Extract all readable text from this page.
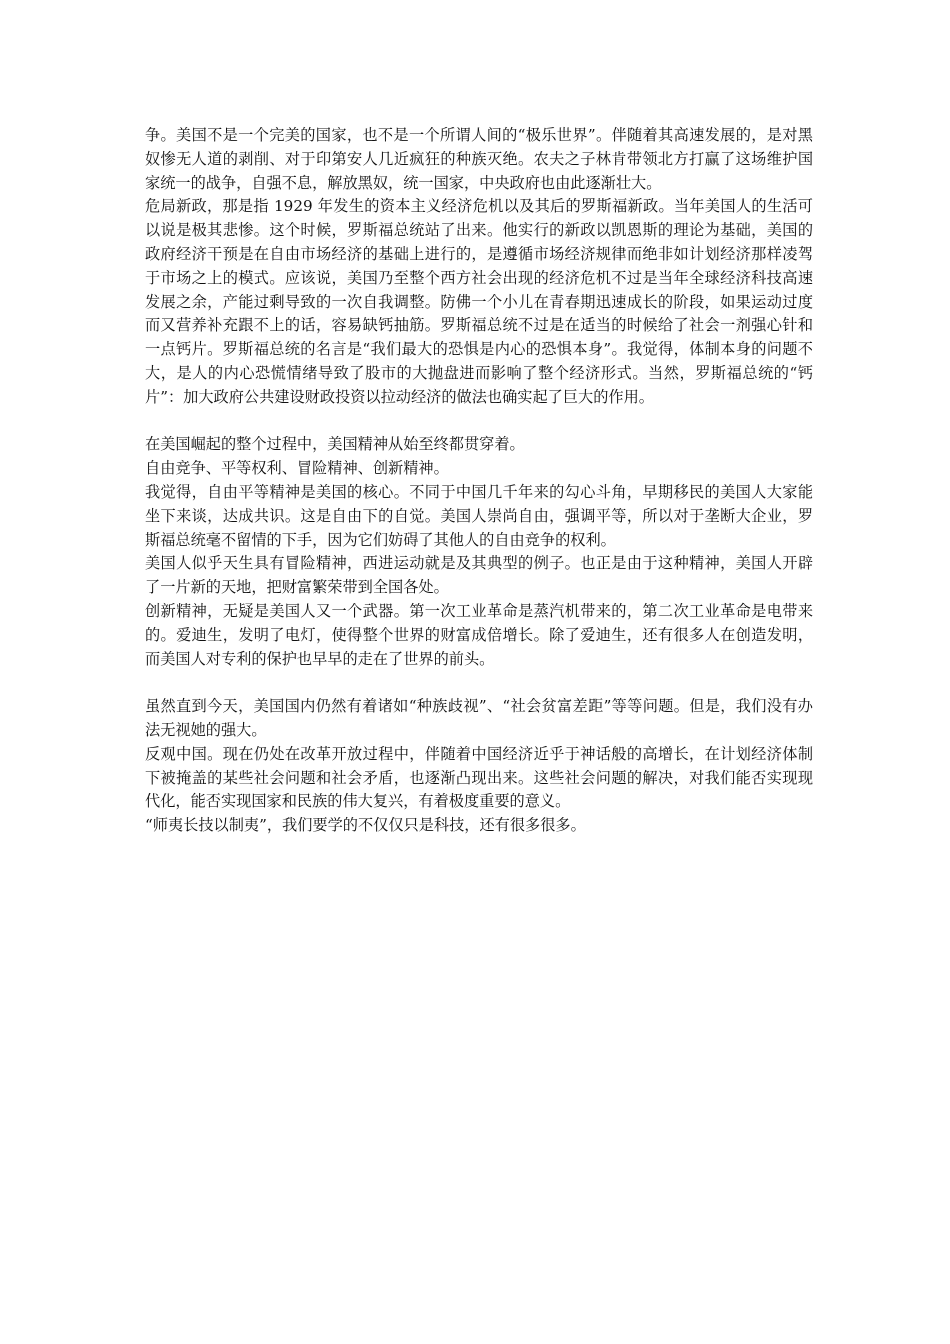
争。美国不是一个完美的国家，也不是一个所谓人间的“极乐世界”。伴随着其高速发展的，是对黑奴惨无人道的剥削、对于印第安人几近疯狂的种族灭绝。农夫之子林肯带领北方打赢了这场维护国家统一的战争，自强不息，解放黑奴，统一国家，中央政府也由此逐渐壮大。

危局新政，那是指 1929 年发生的资本主义经济危机以及其后的罗斯福新政。当年美国人的生活可以说是极其悲惨。这个时候，罗斯福总统站了出来。他实行的新政以凯恩斯的理论为基础，美国的政府经济干预是在自由市场经济的基础上进行的，是遵循市场经济规律而绝非如计划经济那样凌驾于市场之上的模式。应该说，美国乃至整个西方社会出现的经济危机不过是当年全球经济科技高速发展之余，产能过剩导致的一次自我调整。防佛一个小儿在青春期迅速成长的阶段，如果运动过度而又营养补充跟不上的话，容易缺钙抽筋。罗斯福总统不过是在适当的时候给了社会一剂强心针和一点钙片。罗斯福总统的名言是“我们最大的恐惧是内心的恐惧本身”。我觉得，体制本身的问题不大，是人的内心恐慌情绪导致了股市的大抛盘进而影响了整个经济形式。当然，罗斯福总统的“钙片”：加大政府公共建设财政投资以拉动经济的做法也确实起了巨大的作用。

在美国崛起的整个过程中，美国精神从始至终都贯穿着。

自由竞争、平等权利、冒险精神、创新精神。

我觉得，自由平等精神是美国的核心。不同于中国几千年来的勾心斗角，早期移民的美国人大家能坐下来谈，达成共识。这是自由下的自觉。美国人崇尚自由，强调平等，所以对于垄断大企业，罗斯福总统毫不留情的下手，因为它们妨碍了其他人的自由竞争的权利。

美国人似乎天生具有冒险精神，西进运动就是及其典型的例子。也正是由于这种精神，美国人开辟了一片新的天地，把财富繁荣带到全国各处。

创新精神，无疑是美国人又一个武器。第一次工业革命是蒸汽机带来的，第二次工业革命是电带来的。爱迪生，发明了电灯，使得整个世界的财富成倍增长。除了爱迪生，还有很多人在创造发明，而美国人对专利的保护也早早的走在了世界的前头。

虽然直到今天，美国国内仍然有着诸如“种族歧视”、“社会贫富差距”等等问题。但是，我们没有办法无视她的强大。

反观中国。现在仍处在改革开放过程中，伴随着中国经济近乎于神话般的高增长，在计划经济体制下被掩盖的某些社会问题和社会矛盾，也逐渐凸现出来。这些社会问题的解决，对我们能否实现现代化，能否实现国家和民族的伟大复兴，有着极度重要的意义。

“师夷长技以制夷”，我们要学的不仅仅只是科技，还有很多很多。
